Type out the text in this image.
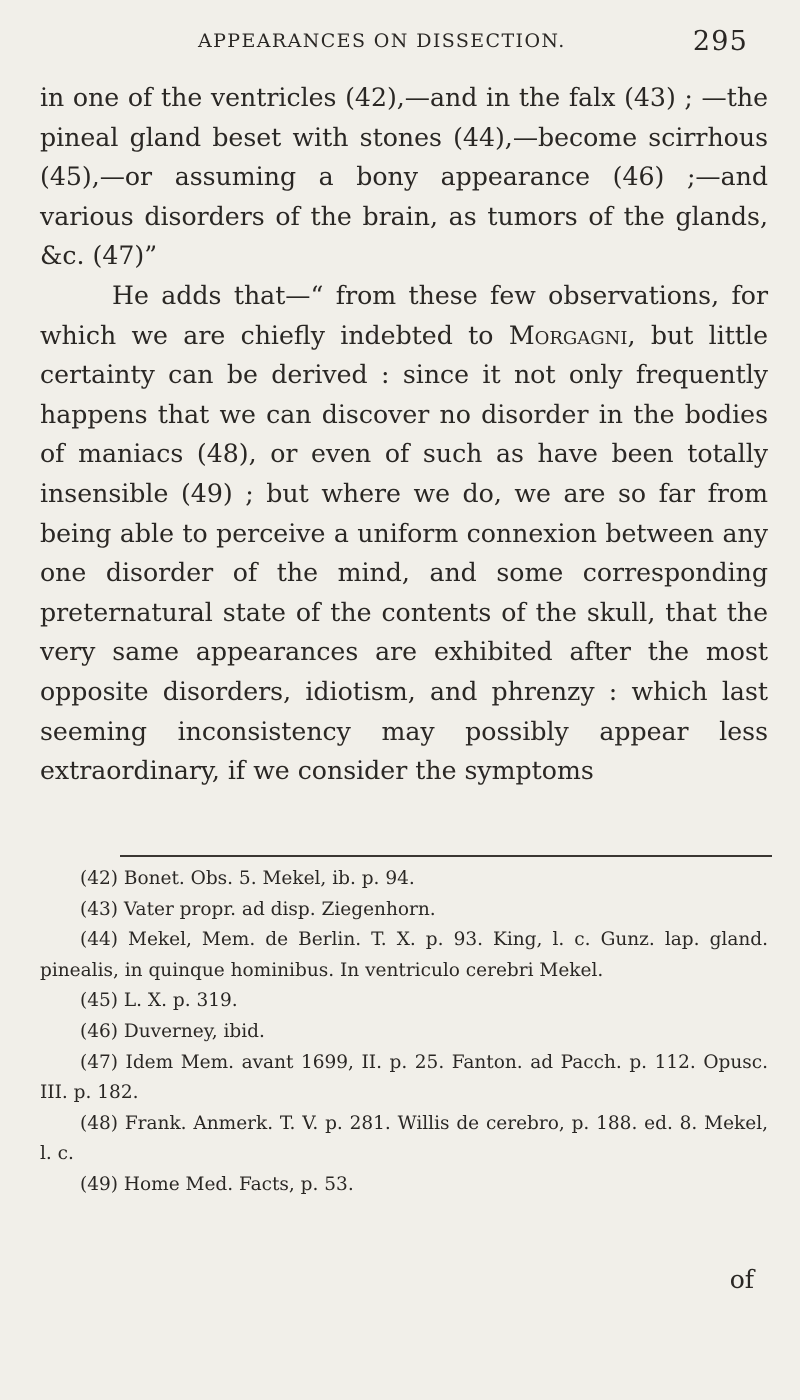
APPEARANCES ON DISSECTION.	295

in one of the ventricles (42),—and in the falx (43) ; —the pineal gland beset with stones (44),—become scirrhous (45),—or assuming a bony appearance (46) ;—and various disorders of the brain, as tumors of the glands, &c. (47)”

He adds that—“ from these few observations, for which we are chiefly indebted to Morgagni, but little certainty can be derived : since it not only frequently happens that we can discover no disorder in the bodies of maniacs (48), or even of such as have been totally insensible (49) ; but where we do, we are so far from being able to perceive a uniform connexion between any one disorder of the mind, and some corresponding preternatural state of the contents of the skull, that the very same appearances are exhibited after the most opposite disorders, idiotism, and phrenzy : which last seeming inconsistency may possibly appear less extraordinary, if we consider the symptoms

(42) Bonet. Obs. 5. Mekel, ib. p. 94.

(43) Vater propr. ad disp. Ziegenhorn.

(44) Mekel, Mem. de Berlin. T. X. p. 93. King, l. c. Gunz. lap. gland. pinealis, in quinque hominibus. In ventriculo cerebri Mekel.

(45) L. X. p. 319.

(46) Duverney, ibid.

(47) Idem Mem. avant 1699, II. p. 25. Fanton. ad Pacch. p. 112. Opusc. III. p. 182.

(48) Frank. Anmerk. T. V. p. 281. Willis de cerebro, p. 188. ed. 8. Mekel, l. c.

(49) Home Med. Facts, p. 53.

of
